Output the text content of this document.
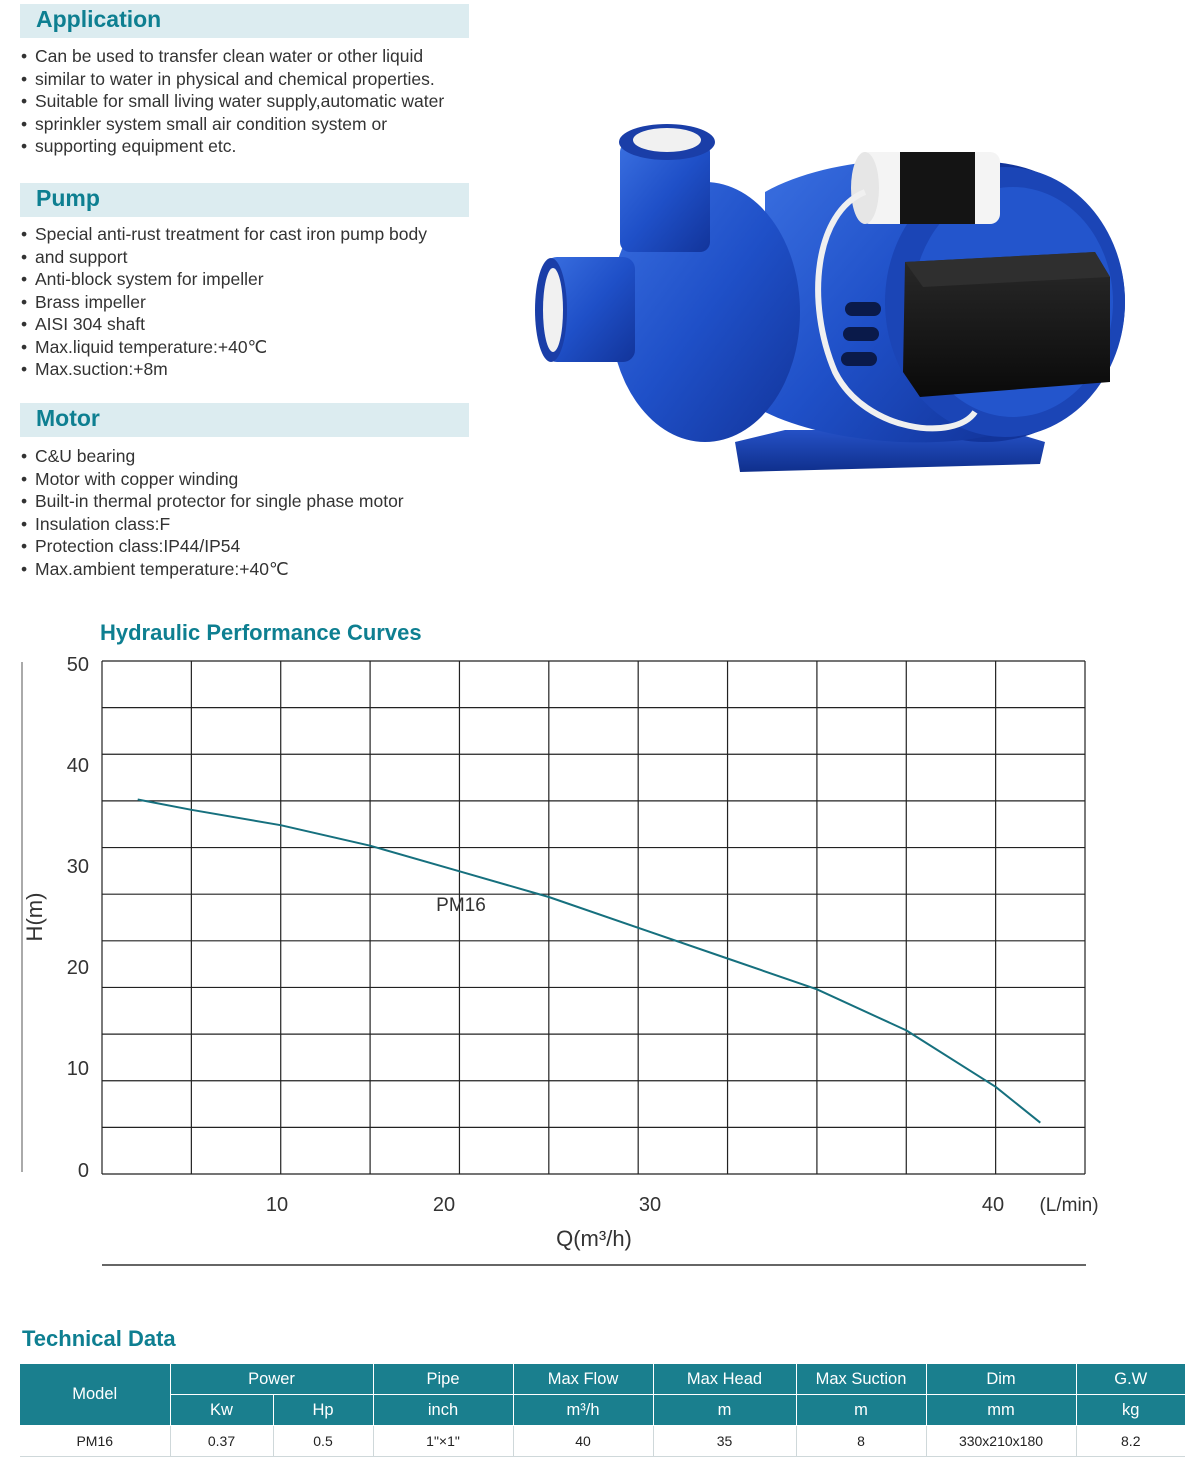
Application
• Can be used to transfer clean water or other liquid
• similar to water in physical and chemical properties.
• Suitable for small living water supply,automatic water
• sprinkler system small air condition system or
• supporting equipment etc.
Pump
• Special anti-rust treatment for cast iron pump body
• and support
• Anti-block system for impeller
• Brass impeller
• AISI 304 shaft
• Max.liquid temperature:+40℃
• Max.suction:+8m
Motor
• C&U bearing
• Motor with copper winding
• Built-in thermal protector for single phase motor
• Insulation class:F
• Protection class:IP44/IP54
• Max.ambient temperature:+40℃
Hydraulic Performance Curves
0
10
20
30
40
50
10	20	30	40 (L/min)
Q(m³/h)
H(m)	PM16
Technical Data
Model	Power		Pipe	Max Flow	Max Head	Max Suction	Dim	G.W
	Kw	Hp	inch	m³/h	m	m	mm	kg
PM16	0.37	0.5	1"×1"	40	35	8	330x210x180	8.2
